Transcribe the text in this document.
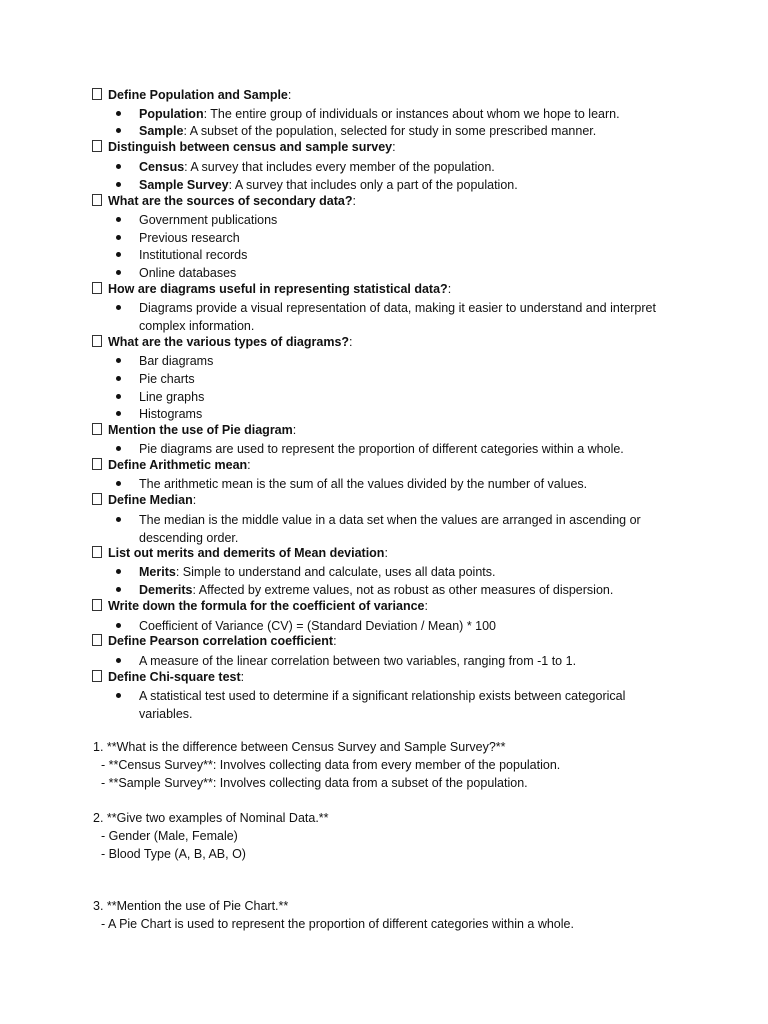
Define Population and Sample:
Population: The entire group of individuals or instances about whom we hope to learn.
Sample: A subset of the population, selected for study in some prescribed manner.
Distinguish between census and sample survey:
Census: A survey that includes every member of the population.
Sample Survey: A survey that includes only a part of the population.
What are the sources of secondary data?:
Government publications
Previous research
Institutional records
Online databases
How are diagrams useful in representing statistical data?:
Diagrams provide a visual representation of data, making it easier to understand and interpret complex information.
What are the various types of diagrams?:
Bar diagrams
Pie charts
Line graphs
Histograms
Mention the use of Pie diagram:
Pie diagrams are used to represent the proportion of different categories within a whole.
Define Arithmetic mean:
The arithmetic mean is the sum of all the values divided by the number of values.
Define Median:
The median is the middle value in a data set when the values are arranged in ascending or descending order.
List out merits and demerits of Mean deviation:
Merits: Simple to understand and calculate, uses all data points.
Demerits: Affected by extreme values, not as robust as other measures of dispersion.
Write down the formula for the coefficient of variance:
Coefficient of Variance (CV) = (Standard Deviation / Mean) * 100
Define Pearson correlation coefficient:
A measure of the linear correlation between two variables, ranging from -1 to 1.
Define Chi-square test:
A statistical test used to determine if a significant relationship exists between categorical variables.
1. **What is the difference between Census Survey and Sample Survey?**
- **Census Survey**: Involves collecting data from every member of the population.
- **Sample Survey**: Involves collecting data from a subset of the population.
2. **Give two examples of Nominal Data.**
- Gender (Male, Female)
- Blood Type (A, B, AB, O)
3. **Mention the use of Pie Chart.**
- A Pie Chart is used to represent the proportion of different categories within a whole.
